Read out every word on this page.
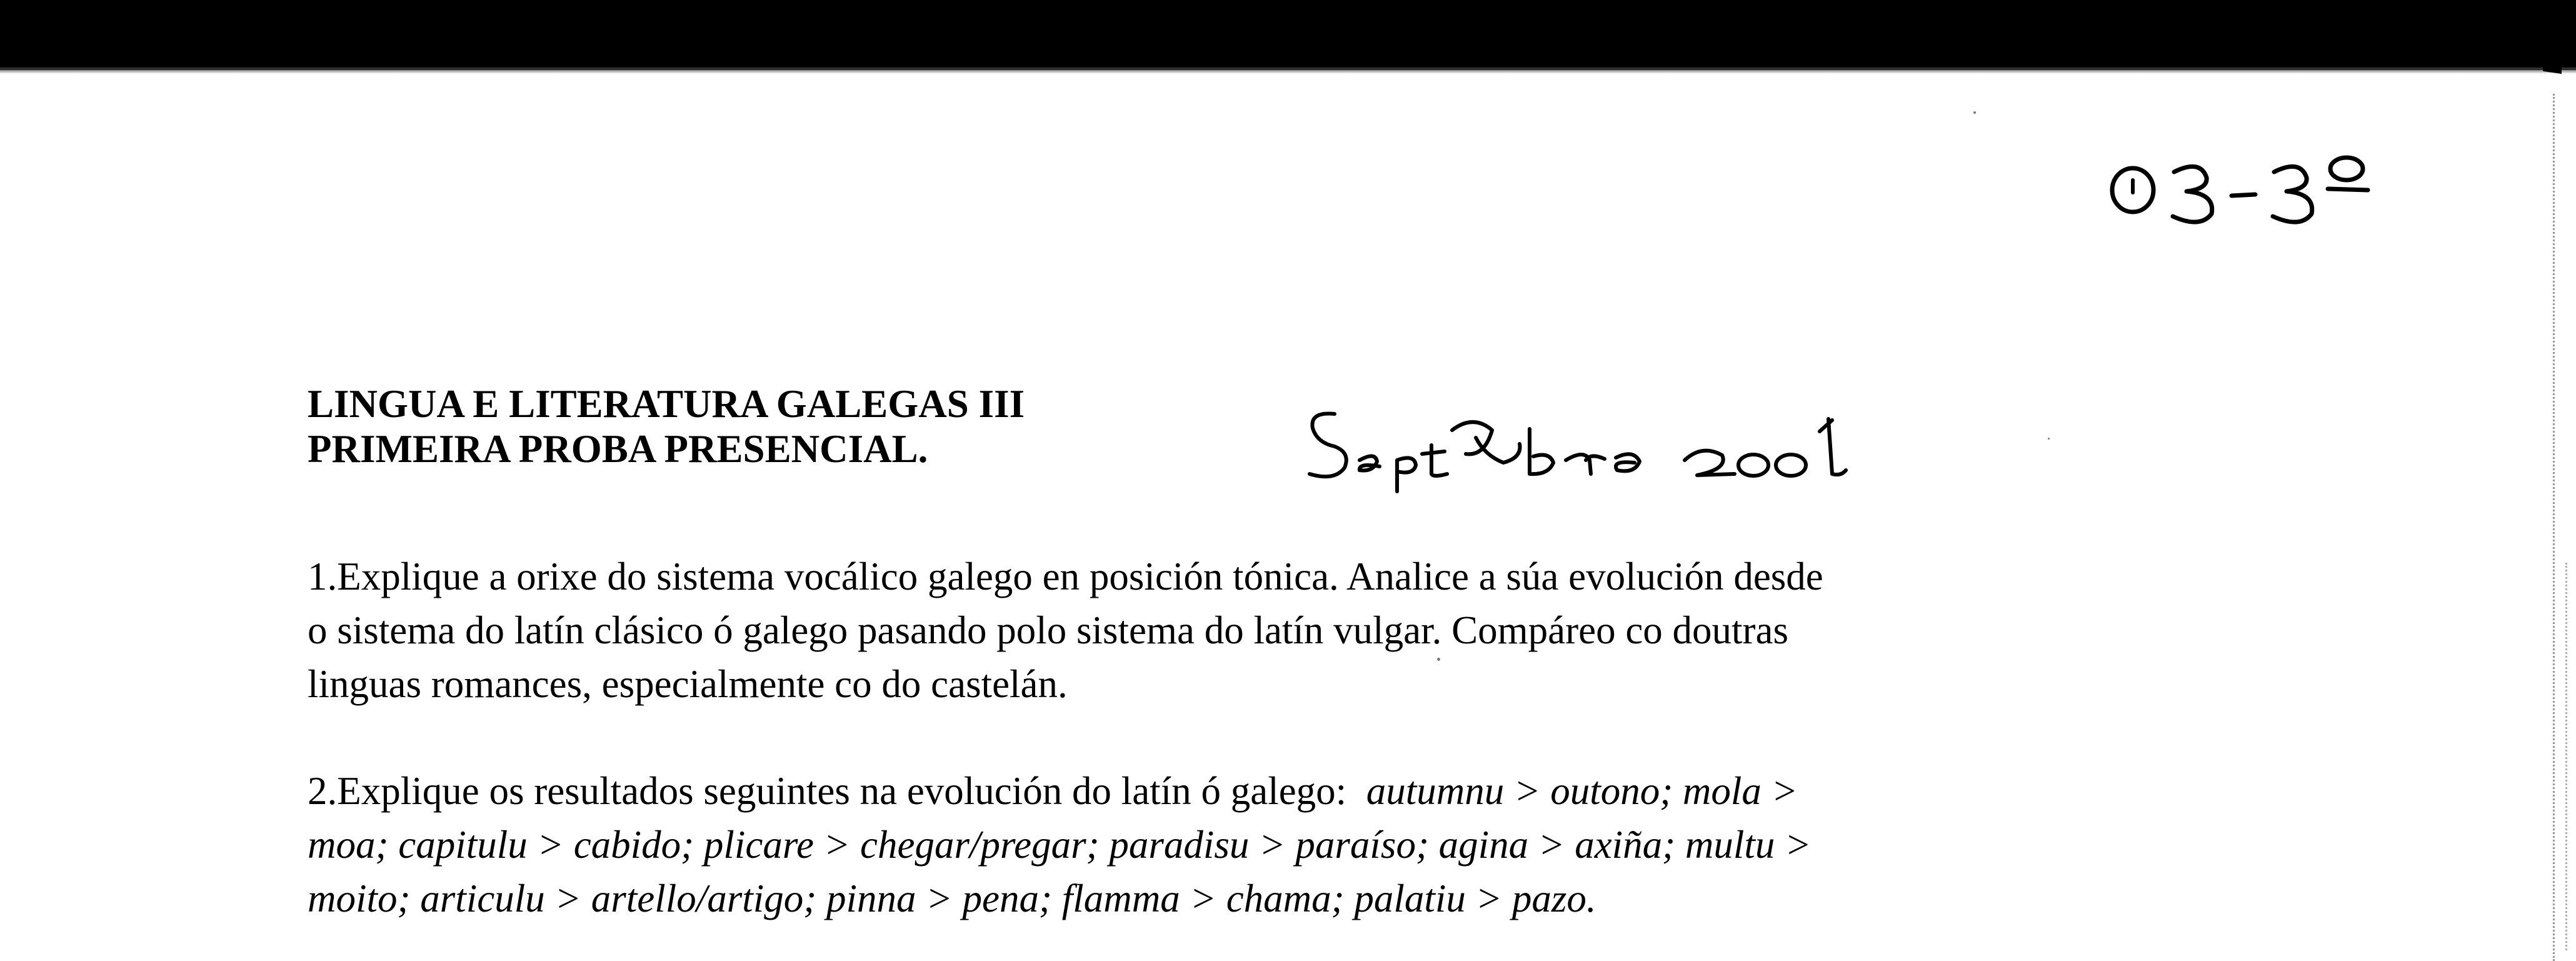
LINGUA E LITERATURA GALEGAS III
PRIMEIRA PROBA PRESENCIAL.
1.Explique a orixe do sistema vocálico galego en posición tónica. Analice a súa evolución desde
o sistema do latín clásico ó galego pasando polo sistema do latín vulgar. Compáreo co doutras
linguas romances, especialmente co do castelán.
2.Explique os resultados seguintes na evolución do latín ó galego: autumnu > outono; mola >
moa; capitulu > cabido; plicare > chegar/pregar; paradisu > paraíso; agina > axiña; multu >
moito; articulu > artello/artigo; pinna > pena; flamma > chama; palatiu > pazo.
